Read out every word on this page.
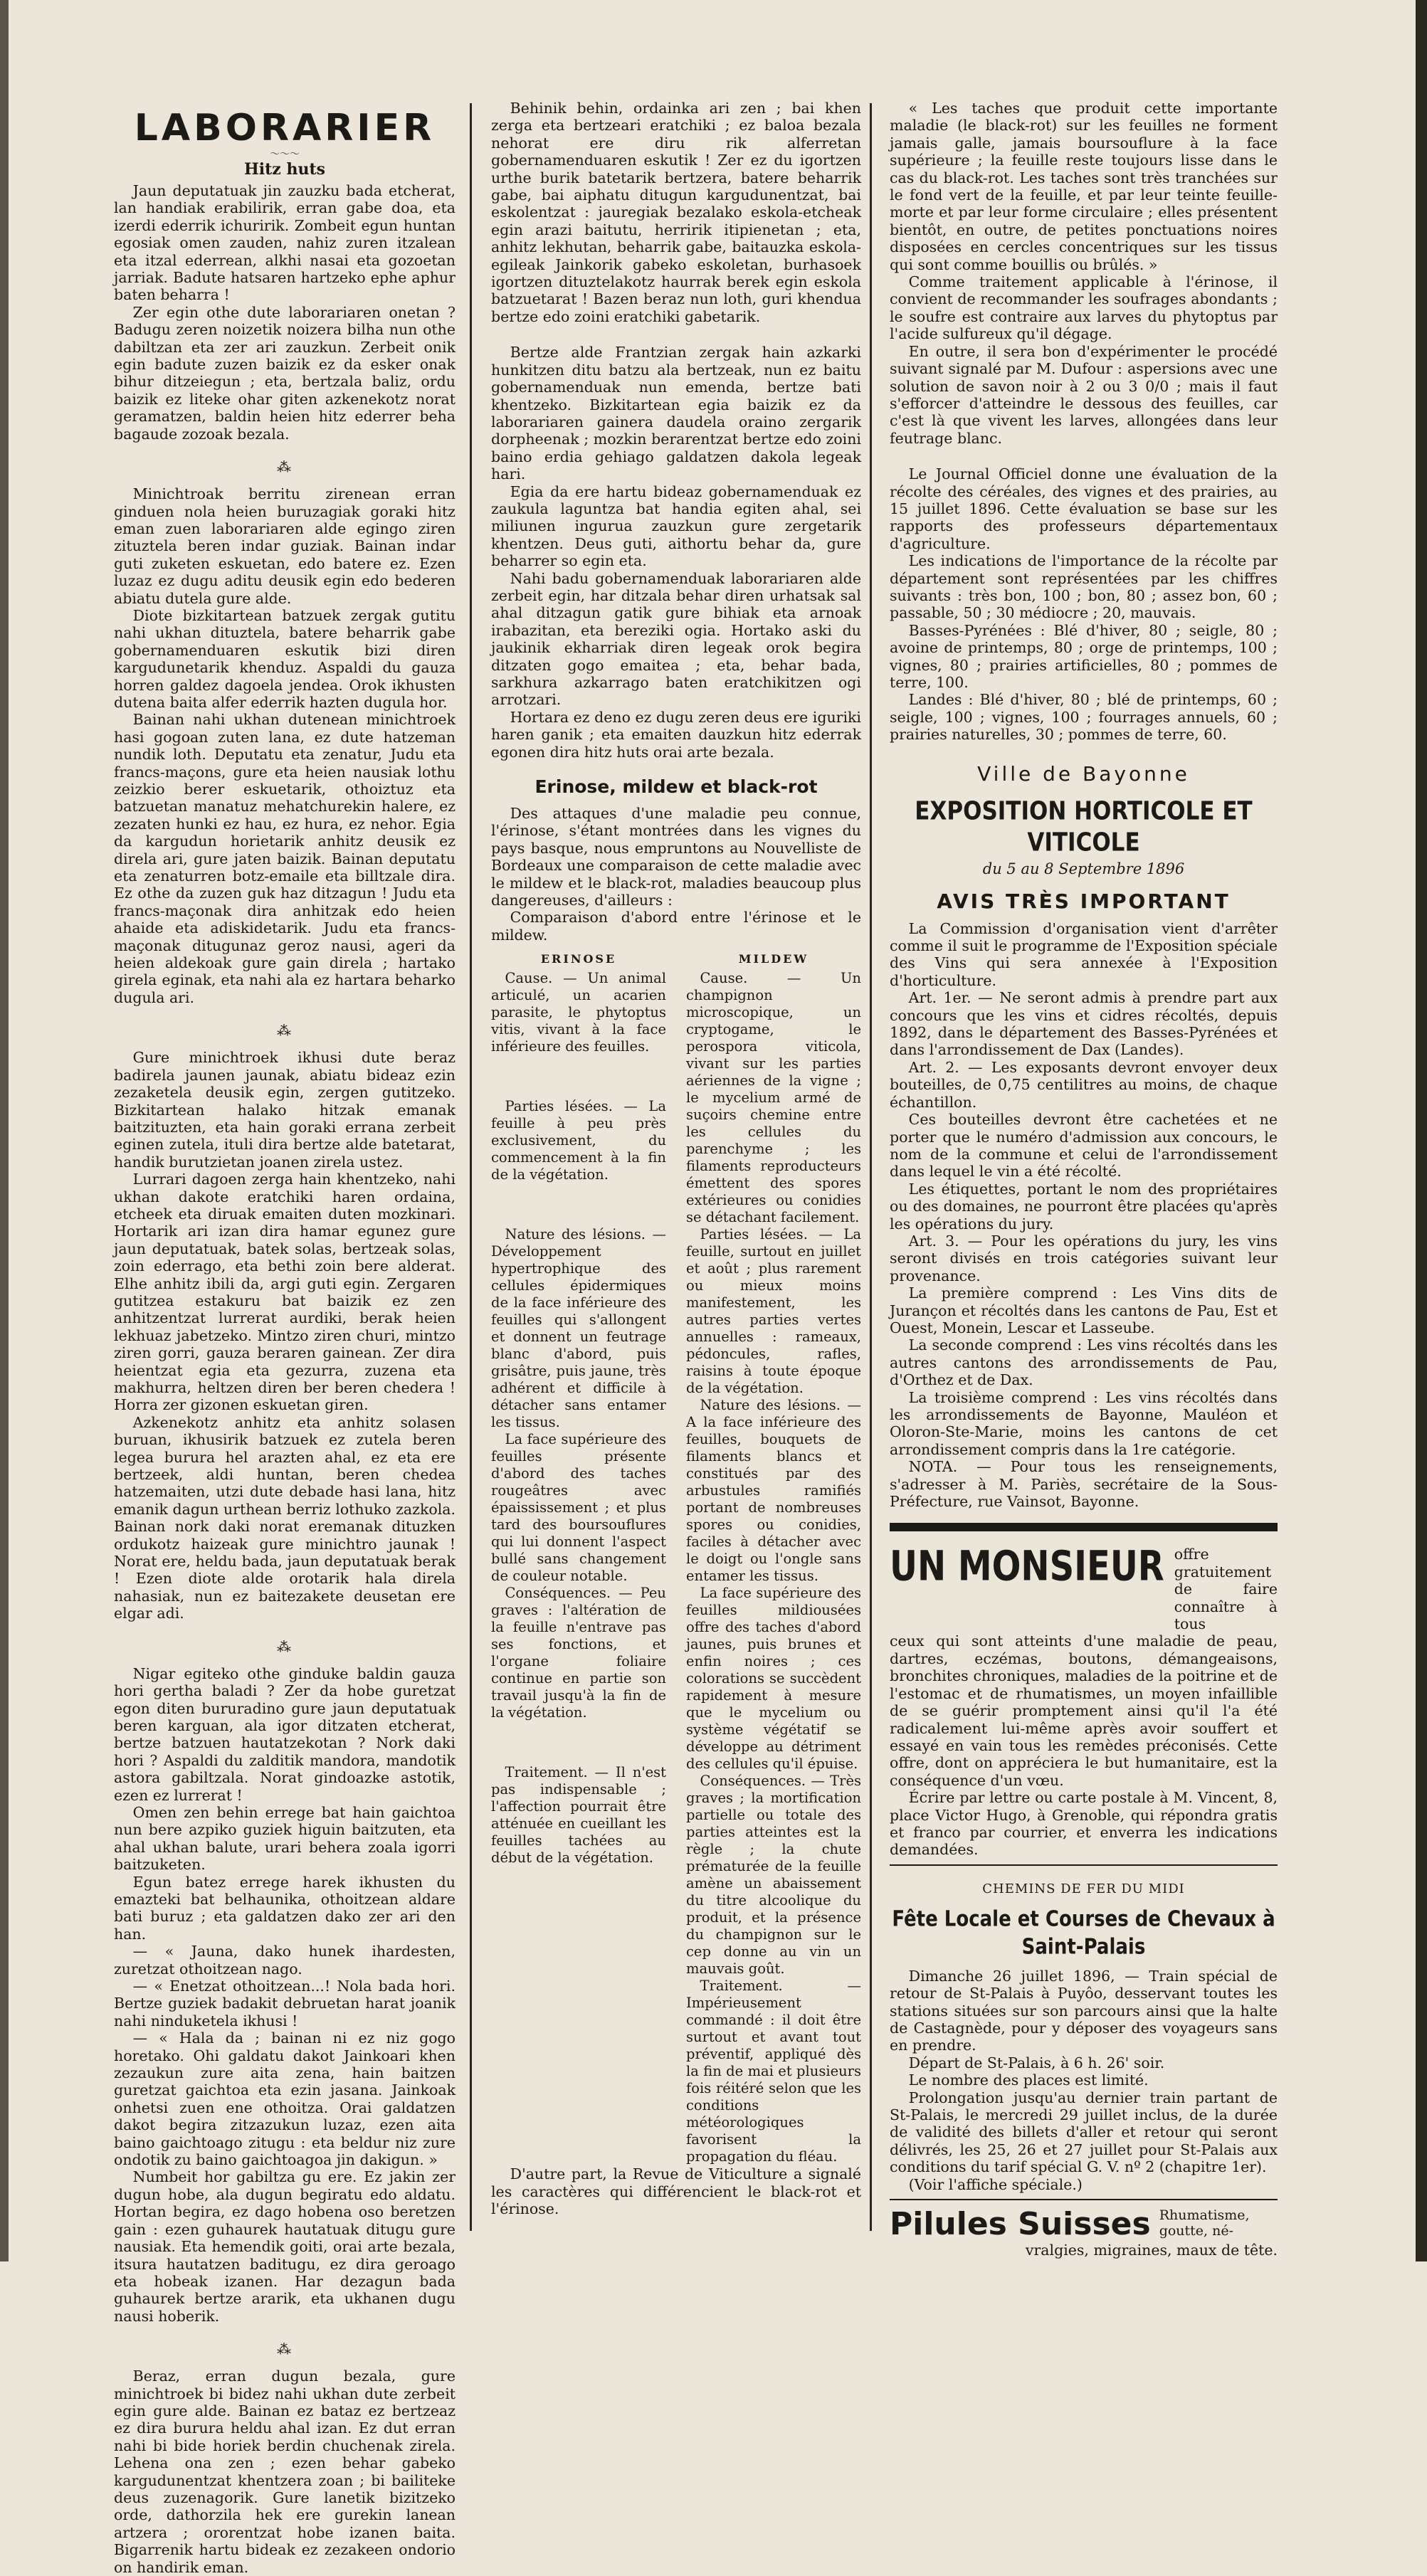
LABORARIER
〜〜〜
Hitz huts

Jaun deputatuak jin zauzku bada etcherat, lan handiak erabilirik, erran gabe doa, eta izerdi ederrik ichuririk. Zombeit egun huntan egosiak omen zauden, nahiz zuren itzalean eta itzal ederrean, alkhi nasai eta gozoetan jarriak. Badute hatsaren hartzeko ephe aphur baten beharra !

Zer egin othe dute laborariaren onetan ? Badugu zeren noizetik noizera bilha nun othe dabiltzan eta zer ari zauzkun. Zerbeit onik egin badute zuzen baizik ez da esker onak bihur ditzeiegun ; eta, bertzala baliz, ordu baizik ez liteke ohar giten azkenekotz norat geramatzen, baldin heien hitz ederrer beha bagaude zozoak bezala.

⁂

Minichtroak berritu zirenean erran ginduen nola heien buruzagiak goraki hitz eman zuen laborariaren alde egingo ziren zituztela beren indar guziak. Bainan indar guti zuketen eskuetan, edo batere ez. Ezen luzaz ez dugu aditu deusik egin edo bederen abiatu dutela gure alde.

Diote bizkitartean batzuek zergak gutitu nahi ukhan dituztela, batere beharrik gabe gobernamenduaren eskutik bizi diren kargudunetarik khenduz. Aspaldi du gauza horren galdez dagoela jendea. Orok ikhusten dutena baita alfer ederrik hazten dugula hor.

Bainan nahi ukhan dutenean minichtroek hasi gogoan zuten lana, ez dute hatzeman nundik loth. Deputatu eta zenatur, Judu eta francs-maçons, gure eta heien nausiak lothu zeizkio berer eskuetarik, othoiztuz eta batzuetan manatuz mehatchurekin halere, ez zezaten hunki ez hau, ez hura, ez nehor. Egia da kargudun horietarik anhitz deusik ez direla ari, gure jaten baizik. Bainan deputatu eta zenaturren botz-emaile eta billtzale dira. Ez othe da zuzen guk haz ditzagun ! Judu eta francs-maçonak dira anhitzak edo heien ahaide eta adiskidetarik. Judu eta francs-maçonak ditugunaz geroz nausi, ageri da heien aldekoak gure gain direla ; hartako girela eginak, eta nahi ala ez hartara beharko dugula ari.

⁂

Gure minichtroek ikhusi dute beraz badirela jaunen jaunak, abiatu bideaz ezin zezaketela deusik egin, zergen gutitzeko. Bizkitartean halako hitzak emanak baitzituzten, eta hain goraki errana zerbeit eginen zutela, ituli dira bertze alde batetarat, handik burutzietan joanen zirela ustez.

Lurrari dagoen zerga hain khentzeko, nahi ukhan dakote eratchiki haren ordaina, etcheek eta diruak emaiten duten mozkinari. Hortarik ari izan dira hamar egunez gure jaun deputatuak, batek solas, bertzeak solas, zoin ederrago, eta bethi zoin bere alderat. Elhe anhitz ibili da, argi guti egin. Zergaren gutitzea estakuru bat baizik ez zen anhitzentzat lurrerat aurdiki, berak heien lekhuaz jabetzeko. Mintzo ziren churi, mintzo ziren gorri, gauza beraren gainean. Zer dira heientzat egia eta gezurra, zuzena eta makhurra, heltzen diren ber beren chedera ! Horra zer gizonen eskuetan giren.

Azkenekotz anhitz eta anhitz solasen buruan, ikhusirik batzuek ez zutela beren legea burura hel arazten ahal, ez eta ere bertzeek, aldi huntan, beren chedea hatzemaiten, utzi dute debade hasi lana, hitz emanik dagun urthean berriz lothuko zazkola. Bainan nork daki norat eremanak dituzken ordukotz haizeak gure minichtro jaunak ! Norat ere, heldu bada, jaun deputatuak berak ! Ezen diote alde orotarik hala direla nahasiak, nun ez baitezakete deusetan ere elgar adi.

⁂

Nigar egiteko othe ginduke baldin gauza hori gertha baladi ? Zer da hobe guretzat egon diten bururadino gure jaun deputatuak beren karguan, ala igor ditzaten etcherat, bertze batzuen hautatzekotan ? Nork daki hori ? Aspaldi du zalditik mandora, mandotik astora gabiltzala. Norat gindoazke astotik, ezen ez lurrerat !

Omen zen behin errege bat hain gaichtoa nun bere azpiko guziek higuin baitzuten, eta ahal ukhan balute, urari behera zoala igorri baitzuketen.

Egun batez errege harek ikhusten du emazteki bat belhaunika, othoitzean aldare bati buruz ; eta galdatzen dako zer ari den han.

— « Jauna, dako hunek ihardesten, zuretzat othoitzean nago.

— « Enetzat othoitzean...! Nola bada hori. Bertze guziek badakit debruetan harat joanik nahi ninduketela ikhusi !

— « Hala da ; bainan ni ez niz gogo horetako. Ohi galdatu dakot Jainkoari khen zezaukun zure aita zena, hain baitzen guretzat gaichtoa eta ezin jasana. Jainkoak onhetsi zuen ene othoitza. Orai galdatzen dakot begira zitzazukun luzaz, ezen aita baino gaichtoago zitugu : eta beldur niz zure ondotik zu baino gaichtoagoa jin dakigun. »

Numbeit hor gabiltza gu ere. Ez jakin zer dugun hobe, ala dugun begiratu edo aldatu. Hortan begira, ez dago hobena oso beretzen gain : ezen guhaurek hautatuak ditugu gure nausiak. Eta hemendik goiti, orai arte bezala, itsura hautatzen baditugu, ez dira geroago eta hobeak izanen. Har dezagun bada guhaurek bertze ararik, eta ukhanen dugu nausi hoberik.

⁂

Beraz, erran dugun bezala, gure minichtroek bi bidez nahi ukhan dute zerbeit egin gure alde. Bainan ez bataz ez bertzeaz ez dira burura heldu ahal izan. Ez dut erran nahi bi bide horiek berdin chuchenak zirela. Lehena ona zen ; ezen behar gabeko kargudunentzat khentzera zoan ; bi bailiteke deus zuzenagorik. Gure lanetik bizitzeko orde, dathorzila hek ere gurekin lanean artzera ; ororentzat hobe izanen baita. Bigarrenik hartu bideak ez zezakeen ondorio on handirik eman.

Behinik behin, ordainka ari zen ; bai khen zerga eta bertzeari eratchiki ; ez baloa bezala nehorat ere diru rik alferretan gobernamenduaren eskutik ! Zer ez du igortzen urthe burik batetarik bertzera, batere beharrik gabe, bai aiphatu ditugun kargudunentzat, bai eskolentzat : jauregiak bezalako eskola-etcheak egin arazi baitutu, herririk itipienetan ; eta, anhitz lekhutan, beharrik gabe, baitauzka eskola-egileak Jainkorik gabeko eskoletan, burhasoek igortzen dituztelakotz haurrak berek egin eskola batzuetarat ! Bazen beraz nun loth, guri khendua bertze edo zoini eratchiki gabetarik.

Bertze alde Frantzian zergak hain azkarki hunkitzen ditu batzu ala bertzeak, nun ez baitu gobernamenduak nun emenda, bertze bati khentzeko. Bizkitartean egia baizik ez da laborariaren gainera daudela oraino zergarik dorpheenak ; mozkin berarentzat bertze edo zoini baino erdia gehiago galdatzen dakola legeak hari.

Egia da ere hartu bideaz gobernamenduak ez zaukula laguntza bat handia egiten ahal, sei miliunen ingurua zauzkun gure zergetarik khentzen. Deus guti, aithortu behar da, gure beharrer so egin eta.

Nahi badu gobernamenduak laborariaren alde zerbeit egin, har ditzala behar diren urhatsak sal ahal ditzagun gatik gure bihiak eta arnoak irabazitan, eta bereziki ogia. Hortako aski du jaukinik ekharriak diren legeak orok begira ditzaten gogo emaitea ; eta, behar bada, sarkhura azkarrago baten eratchikitzen ogi arrotzari.

Hortara ez deno ez dugu zeren deus ere iguriki haren ganik ; eta emaiten dauzkun hitz ederrak egonen dira hitz huts orai arte bezala.

Erinose, mildew et black-rot

Des attaques d'une maladie peu connue, l'érinose, s'étant montrées dans les vignes du pays basque, nous empruntons au Nouvelliste de Bordeaux une comparaison de cette maladie avec le mildew et le black-rot, maladies beaucoup plus dangereuses, d'ailleurs :

Comparaison d'abord entre l'érinose et le mildew.

ERINOSE

Cause. — Un animal articulé, un acarien parasite, le phytoptus vitis, vivant à la face inférieure des feuilles.

Parties lésées. — La feuille à peu près exclusivement, du commencement à la fin de la végétation.

Nature des lésions. — Développement hypertrophique des cellules épidermiques de la face inférieure des feuilles qui s'allongent et donnent un feutrage blanc d'abord, puis grisâtre, puis jaune, très adhérent et difficile à détacher sans entamer les tissus.

La face supérieure des feuilles présente d'abord des taches rougeâtres avec épaississement ; et plus tard des boursouflures qui lui donnent l'aspect bullé sans changement de couleur notable.

Conséquences. — Peu graves : l'altération de la feuille n'entrave pas ses fonctions, et l'organe foliaire continue en partie son travail jusqu'à la fin de la végétation.

Traitement. — Il n'est pas indispensable ; l'affection pourrait être atténuée en cueillant les feuilles tachées au début de la végétation.

MILDEW

Cause. — Un champignon microscopique, un cryptogame, le perospora viticola, vivant sur les parties aériennes de la vigne ; le mycelium armé de suçoirs chemine entre les cellules du parenchyme ; les filaments reproducteurs émettent des spores extérieures ou conidies se détachant facilement.

Parties lésées. — La feuille, surtout en juillet et août ; plus rarement ou mieux moins manifestement, les autres parties vertes annuelles : rameaux, pédoncules, rafles, raisins à toute époque de la végétation.

Nature des lésions. — A la face inférieure des feuilles, bouquets de filaments blancs et constitués par des arbustules ramifiés portant de nombreuses spores ou conidies, faciles à détacher avec le doigt ou l'ongle sans entamer les tissus.

La face supérieure des feuilles mildiousées offre des taches d'abord jaunes, puis brunes et enfin noires ; ces colorations se succèdent rapidement à mesure que le mycelium ou système végétatif se développe au détriment des cellules qu'il épuise.

Conséquences. — Très graves ; la mortification partielle ou totale des parties atteintes est la règle ; la chute prématurée de la feuille amène un abaissement du titre alcoolique du produit, et la présence du champignon sur le cep donne au vin un mauvais goût.

Traitement. — Impérieusement commandé : il doit être surtout et avant tout préventif, appliqué dès la fin de mai et plusieurs fois réitéré selon que les conditions météorologiques favorisent la propagation du fléau.

D'autre part, la Revue de Viticulture a signalé les caractères qui différencient le black-rot et l'érinose.

« Les taches que produit cette importante maladie (le black-rot) sur les feuilles ne forment jamais galle, jamais boursouflure à la face supérieure ; la feuille reste toujours lisse dans le cas du black-rot. Les taches sont très tranchées sur le fond vert de la feuille, et par leur teinte feuille-morte et par leur forme circulaire ; elles présentent bientôt, en outre, de petites ponctuations noires disposées en cercles concentriques sur les tissus qui sont comme bouillis ou brûlés. »

Comme traitement applicable à l'érinose, il convient de recommander les soufrages abondants ; le soufre est contraire aux larves du phytoptus par l'acide sulfureux qu'il dégage.

En outre, il sera bon d'expérimenter le procédé suivant signalé par M. Dufour : aspersions avec une solution de savon noir à 2 ou 3 0/0 ; mais il faut s'efforcer d'atteindre le dessous des feuilles, car c'est là que vivent les larves, allongées dans leur feutrage blanc.

Le Journal Officiel donne une évaluation de la récolte des céréales, des vignes et des prairies, au 15 juillet 1896. Cette évaluation se base sur les rapports des professeurs départementaux d'agriculture.

Les indications de l'importance de la récolte par département sont représentées par les chiffres suivants : très bon, 100 ; bon, 80 ; assez bon, 60 ; passable, 50 ; 30 médiocre ; 20, mauvais.

Basses-Pyrénées : Blé d'hiver, 80 ; seigle, 80 ; avoine de printemps, 80 ; orge de printemps, 100 ; vignes, 80 ; prairies artificielles, 80 ; pommes de terre, 100.

Landes : Blé d'hiver, 80 ; blé de printemps, 60 ; seigle, 100 ; vignes, 100 ; fourrages annuels, 60 ; prairies naturelles, 30 ; pommes de terre, 60.

Ville de Bayonne
EXPOSITION HORTICOLE ET VITICOLE
du 5 au 8 Septembre 1896
AVIS TRÈS IMPORTANT

La Commission d'organisation vient d'arrêter comme il suit le programme de l'Exposition spéciale des Vins qui sera annexée à l'Exposition d'horticulture.

Art. 1er. — Ne seront admis à prendre part aux concours que les vins et cidres récoltés, depuis 1892, dans le département des Basses-Pyrénées et dans l'arrondissement de Dax (Landes).

Art. 2. — Les exposants devront envoyer deux bouteilles, de 0,75 centilitres au moins, de chaque échantillon.

Ces bouteilles devront être cachetées et ne porter que le numéro d'admission aux concours, le nom de la commune et celui de l'arrondissement dans lequel le vin a été récolté.

Les étiquettes, portant le nom des propriétaires ou des domaines, ne pourront être placées qu'après les opérations du jury.

Art. 3. — Pour les opérations du jury, les vins seront divisés en trois catégories suivant leur provenance.

La première comprend : Les Vins dits de Jurançon et récoltés dans les cantons de Pau, Est et Ouest, Monein, Lescar et Lasseube.

La seconde comprend : Les vins récoltés dans les autres cantons des arrondissements de Pau, d'Orthez et de Dax.

La troisième comprend : Les vins récoltés dans les arrondissements de Bayonne, Mauléon et Oloron-Ste-Marie, moins les cantons de cet arrondissement compris dans la 1re catégorie.

NOTA. — Pour tous les renseignements, s'adresser à M. Pariès, secrétaire de la Sous-Préfecture, rue Vainsot, Bayonne.

UN MONSIEUR offre gratuitement de faire connaître à tous

ceux qui sont atteints d'une maladie de peau, dartres, eczémas, boutons, démangeaisons, bronchites chroniques, maladies de la poitrine et de l'estomac et de rhumatismes, un moyen infaillible de se guérir promptement ainsi qu'il l'a été radicalement lui-même après avoir souffert et essayé en vain tous les remèdes préconisés. Cette offre, dont on appréciera le but humanitaire, est la conséquence d'un vœu.

Écrire par lettre ou carte postale à M. Vincent, 8, place Victor Hugo, à Grenoble, qui répondra gratis et franco par courrier, et enverra les indications demandées.

CHEMINS DE FER DU MIDI
Fête Locale et Courses de Chevaux à Saint-Palais

Dimanche 26 juillet 1896, — Train spécial de retour de St-Palais à Puyôo, desservant toutes les stations situées sur son parcours ainsi que la halte de Castagnède, pour y déposer des voyageurs sans en prendre.

Départ de St-Palais, à 6 h. 26' soir.

Le nombre des places est limité.

Prolongation jusqu'au dernier train partant de St-Palais, le mercredi 29 juillet inclus, de la durée de validité des billets d'aller et retour qui seront délivrés, les 25, 26 et 27 juillet pour St-Palais aux conditions du tarif spécial G. V. nº 2 (chapitre 1er).

(Voir l'affiche spéciale.)

Pilules Suisses Rhumatisme, goutte, né-

vralgies, migraines, maux de tête.
